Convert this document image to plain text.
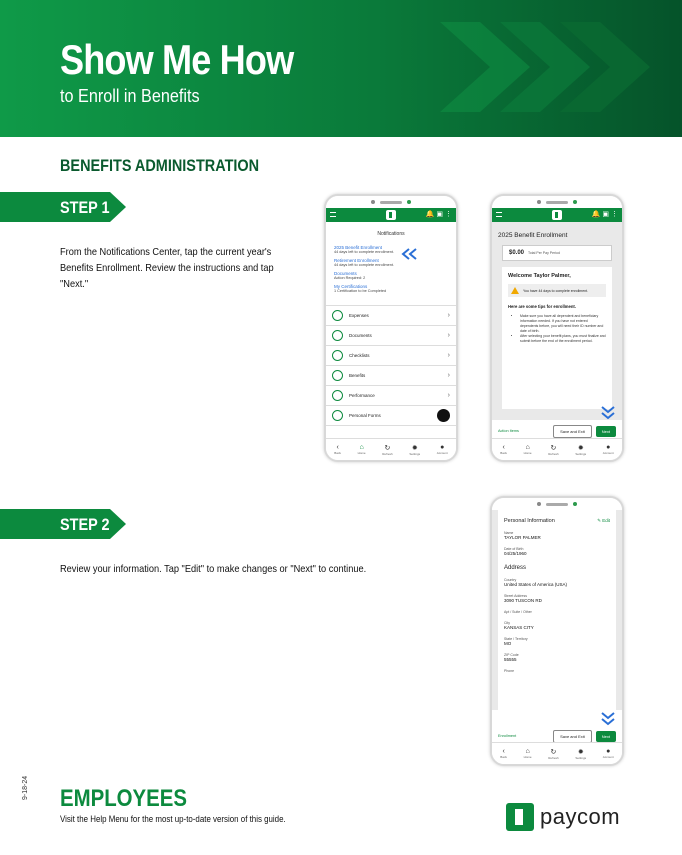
Show Me How
to Enroll in Benefits
BENEFITS ADMINISTRATION
STEP 1
From the Notifications Center, tap the current year's Benefits Enrollment. Review the instructions and tap "Next."
STEP 2
Review your information. Tap "Edit" to make changes or "Next" to continue.
🔔 ▣ ⋮
Notifications
2025 Benefit Enrollment
44 days left to complete enrollment.
Retirement Enrollment
44 days left to complete enrollment.
Documents
Action Required: 2
My Certifications
1 Certification to be Completed
Expenses	›
Documents	›
Checklists	›
Benefits	›
Performance	›
Personal Forms
‹
Back
⌂
Home
↻
Refresh
✹
Settings
●
Account
🔔 ▣ ⋮
2025 Benefit Enrollment
$0.00 Total Per Pay Period
Welcome Taylor Palmer,
You have 44 days to complete enrollment.
Here are some tips for enrollment.
• Make sure you have all dependent and beneficiary information needed. If you have not entered dependents before, you will need their ID number and date of birth.
• After selecting your benefit plans, you must finalize and submit before the end of the enrollment period.
Action Items	Save and Exit	Next
‹
Back
⌂
Home
↻
Refresh
✹
Settings
●
Account
Personal Information	✎ Edit
Name
TAYLOR PALMER
Date of Birth
04/25/1960
Address
Country
United States of America (USA)
Street Address
3090 TUSCON RD
Apt / Suite / Other
City
KANSAS CITY
State / Territory
MO
ZIP Code
55555
Phone
Enrollment	Save and Exit	Next
‹
Back
⌂
Home
↻
Refresh
✹
Settings
●
Account
9-18-24 EMPLOYEES
Visit the Help Menu for the most up-to-date version of this guide.	paycom
